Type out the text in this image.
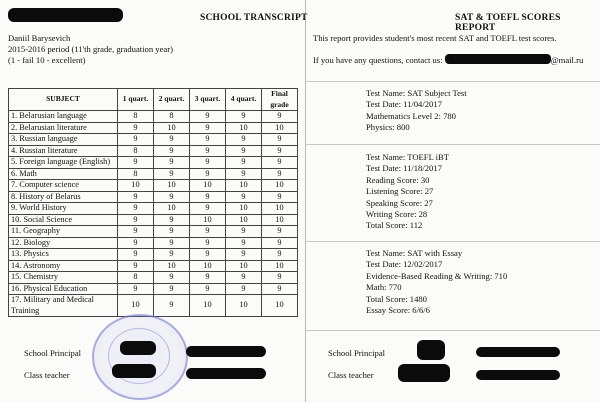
SCHOOL TRANSCRIPT
Daniil Barysevich
2015-2016 period (11'th grade, graduation year)
(1 - fail 10 - excellent)
SUBJECT	1 quart.	2 quart.	3 quart.	4 quart.	Final grade
1. Belarusian language	8	8	9	9	9
2. Belarusian literature	9	10	9	10	10
3. Russian language	9	9	9	9	9
4. Russian literature	8	9	9	9	9
5. Foreign language (English)	9	9	9	9	9
6. Math	8	9	9	9	9
7. Computer science	10	10	10	10	10
8. History of Belarus	9	9	9	9	9
9. World History	9	10	9	10	10
10. Social Science	9	9	10	10	10
11. Geography	9	9	9	9	9
12. Biology	9	9	9	9	9
13. Physics	9	9	9	9	9
14. Astronomy	9	10	10	10	10
15. Chemistry	8	9	9	9	9
16. Physical Education	9	9	9	9	9
17. Military and Medical Training	10	9	10	10	10
School Principal
Class teacher
SAT & TOEFL SCORES REPORT
This report provides student's most recent SAT and TOEFL test scores.
If you have any questions, contact us:	@mail.ru
Test Name: SAT Subject Test
Test Date: 11/04/2017
Mathematics Level 2: 780
Physics: 800
Test Name: TOEFL iBT
Test Date: 11/18/2017
Reading Score: 30
Listening Score: 27
Speaking Score: 27
Writing Score: 28
Total Score: 112
Test Name: SAT with Essay
Test Date: 12/02/2017
Evidence-Based Reading & Writing: 710
Math: 770
Total Score: 1480
Essay Score: 6/6/6
School Principal
Class teacher
